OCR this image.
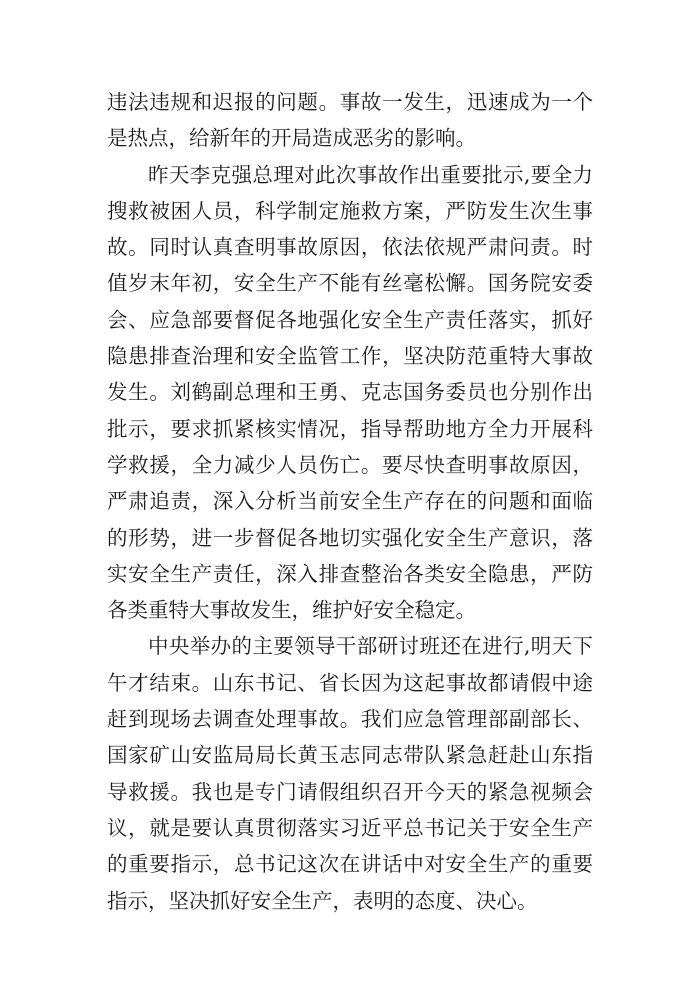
违法违规和迟报的问题。事故一发生，迅速成为一个是热点，给新年的开局造成恶劣的影响。

昨天李克强总理对此次事故作出重要批示,要全力搜救被困人员，科学制定施救方案，严防发生次生事故。同时认真查明事故原因，依法依规严肃问责。时值岁末年初，安全生产不能有丝毫松懈。国务院安委会、应急部要督促各地强化安全生产责任落实，抓好隐患排查治理和安全监管工作，坚决防范重特大事故发生。刘鹤副总理和王勇、克志国务委员也分别作出批示，要求抓紧核实情况，指导帮助地方全力开展科学救援，全力减少人员伤亡。要尽快查明事故原因，严肃追责，深入分析当前安全生产存在的问题和面临的形势，进一步督促各地切实强化安全生产意识，落实安全生产责任，深入排查整治各类安全隐患，严防各类重特大事故发生，维护好安全稳定。

中央举办的主要领导干部研讨班还在进行,明天下午才结束。山东书记、省长因为这起事故都请假中途赶到现场去调查处理事故。我们应急管理部副部长、国家矿山安监局局长黄玉志同志带队紧急赶赴山东指导救援。我也是专门请假组织召开今天的紧急视频会议，就是要认真贯彻落实习近平总书记关于安全生产的重要指示，总书记这次在讲话中对安全生产的重要指示，坚决抓好安全生产，表明的态度、决心。
